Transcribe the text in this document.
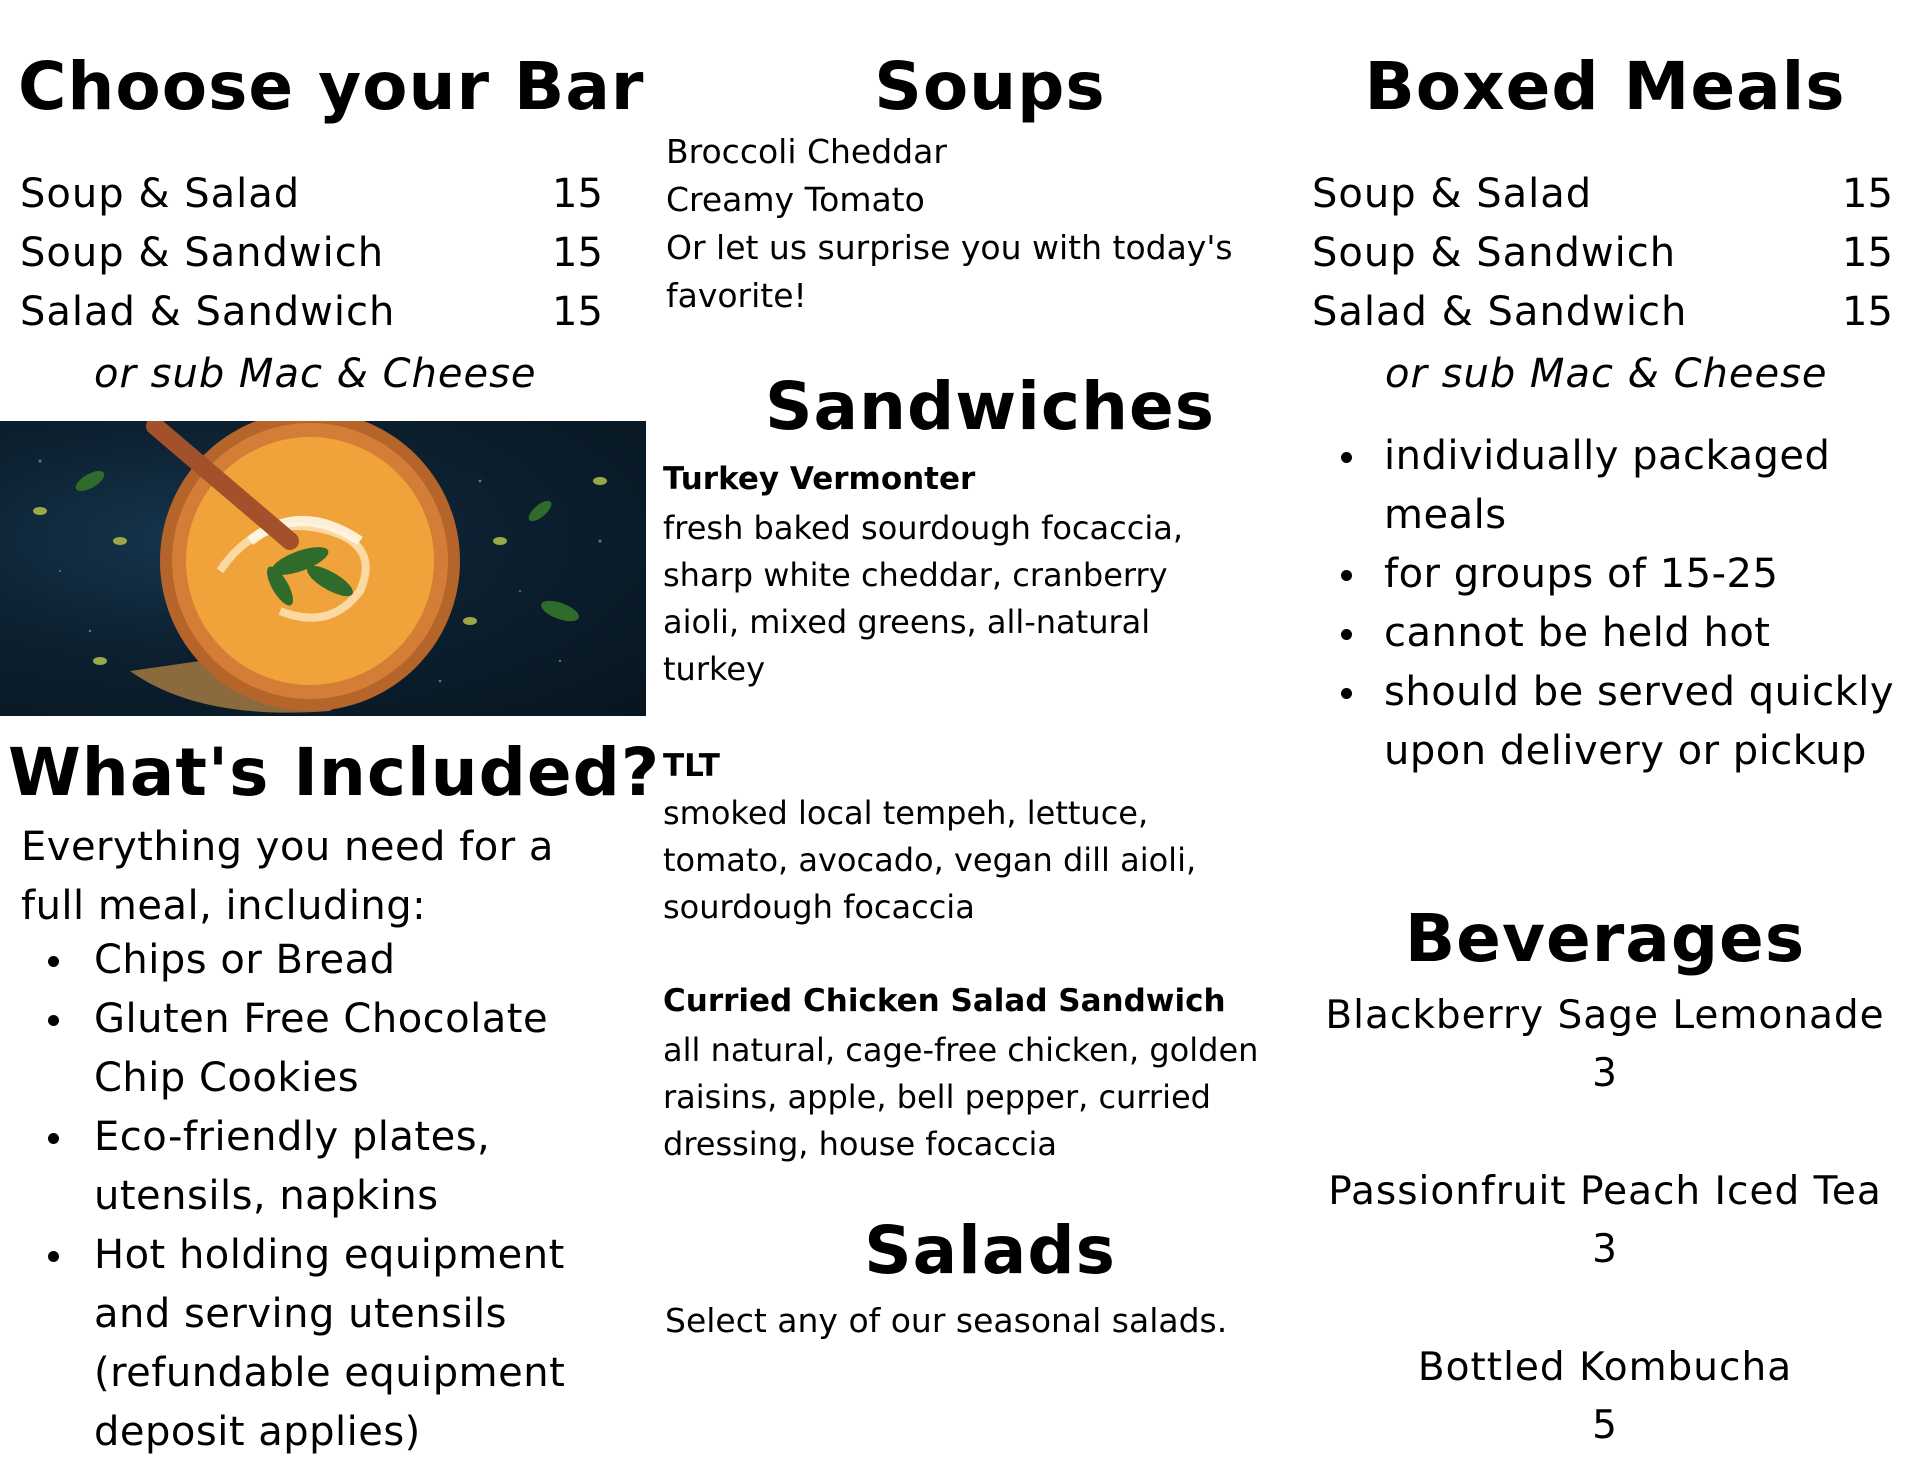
Choose your Bar
Soup & Salad	15
Soup & Sandwich	15
Salad & Sandwich	15
or sub Mac & Cheese
What's Included?
Everything you need for a
full meal, including:
Chips or Bread
Gluten Free Chocolate Chip Cookies
Eco-friendly plates, utensils, napkins
Hot holding equipment and serving utensils (refundable equipment deposit applies)
Soups
Broccoli Cheddar
Creamy Tomato
Or let us surprise you with today's favorite!
Sandwiches
Turkey Vermonter
fresh baked sourdough focaccia, sharp white cheddar, cranberry aioli, mixed greens, all-natural turkey
TLT
smoked local tempeh, lettuce, tomato, avocado, vegan dill aioli, sourdough focaccia
Curried Chicken Salad Sandwich
all natural, cage-free chicken, golden raisins, apple, bell pepper, curried dressing, house focaccia
Salads
Select any of our seasonal salads.
Boxed Meals
Soup & Salad	15
Soup & Sandwich	15
Salad & Sandwich	15
or sub Mac & Cheese
individually packaged meals
for groups of 15-25
cannot be held hot
should be served quickly upon delivery or pickup
Beverages
Blackberry Sage Lemonade
3
Passionfruit Peach Iced Tea
3
Bottled Kombucha
5
